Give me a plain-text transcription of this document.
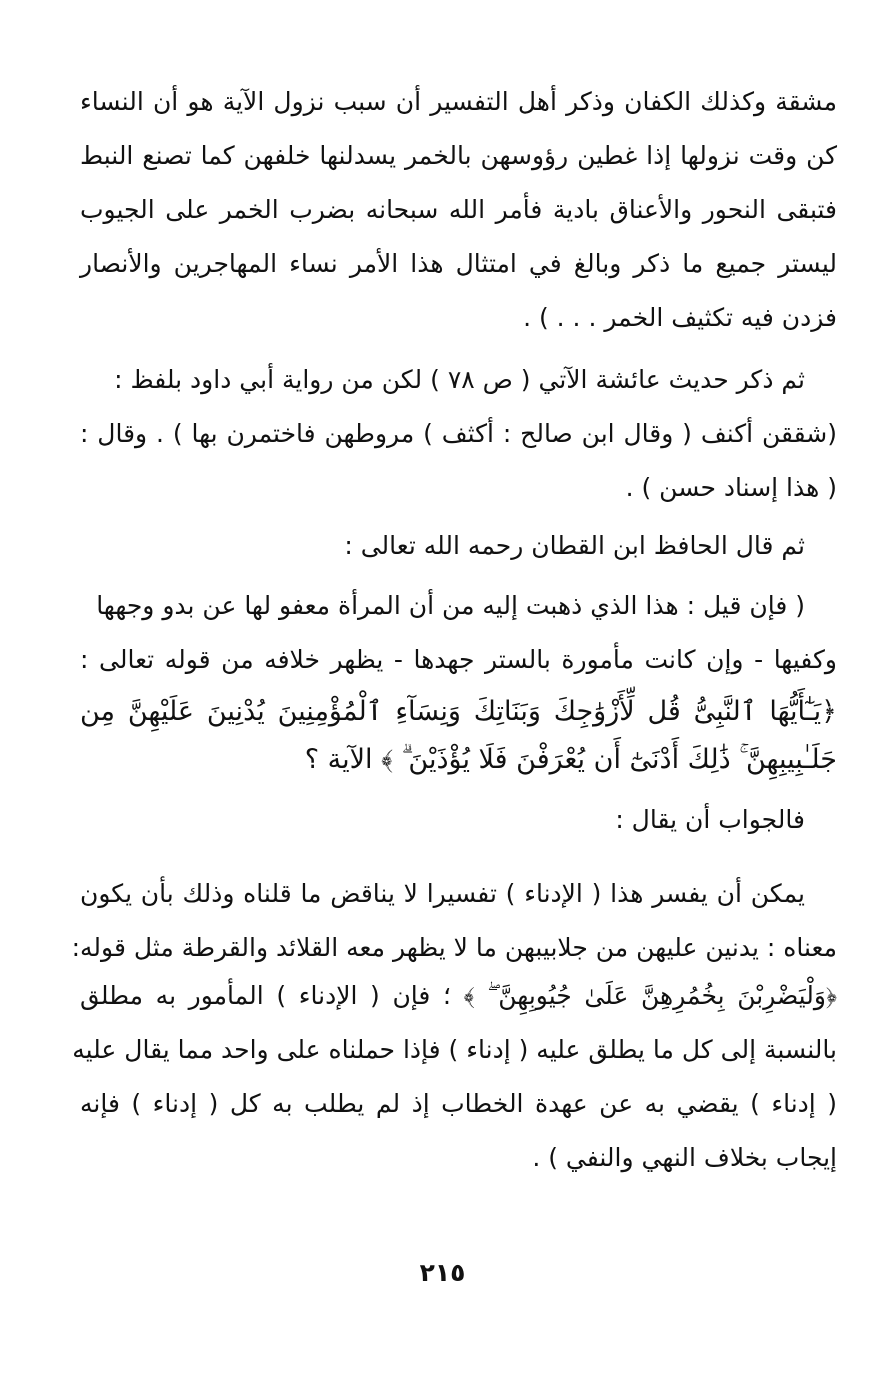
مشقة وكذلك الكفان وذكر أهل التفسير أن سبب نزول الآية هو أن النساء
كن وقت نزولها إذا غطين رؤوسهن بالخمر يسدلنها خلفهن كما تصنع النبط
فتبقى النحور والأعناق بادية فأمر الله سبحانه بضرب الخمر على الجيوب
ليستر جميع ما ذكر وبالغ في امتثال هذا الأمر نساء المهاجرين والأنصار
فزدن فيه تكثيف الخمر . . . ) .
ثم ذكر حديث عائشة الآتي ( ص ٧٨ ) لكن من رواية أبي داود بلفظ :
(شققن أكنف ( وقال ابن صالح : أكثف ) مروطهن فاختمرن بها ) . وقال :
( هذا إسناد حسن ) .
ثم قال الحافظ ابن القطان رحمه الله تعالى :
( فإن قيل : هذا الذي ذهبت إليه من أن المرأة معفو لها عن بدو وجهها
وكفيها - وإن كانت مأمورة بالستر جهدها - يظهر خلافه من قوله تعالى :
﴿يَـٰٓأَيُّهَا ٱلنَّبِىُّ قُل لِّأَزْوَٰجِكَ وَبَنَاتِكَ وَنِسَآءِ ٱلْمُؤْمِنِينَ يُدْنِينَ عَلَيْهِنَّ مِن
جَلَـٰبِيبِهِنَّ ۚ ذَٰلِكَ أَدْنَىٰٓ أَن يُعْرَفْنَ فَلَا يُؤْذَيْنَ ۗ ﴾ الآية ؟
فالجواب أن يقال :
يمكن أن يفسر هذا ( الإدناء ) تفسيرا لا يناقض ما قلناه وذلك بأن يكون
معناه : يدنين عليهن من جلابيبهن ما لا يظهر معه القلائد والقرطة مثل قوله:
﴿وَلْيَضْرِبْنَ بِخُمُرِهِنَّ عَلَىٰ جُيُوبِهِنَّ ۖ ﴾ ؛ فإن ( الإدناء ) المأمور به مطلق
بالنسبة إلى كل ما يطلق عليه ( إدناء ) فإذا حملناه على واحد مما يقال عليه
( إدناء ) يقضي به عن عهدة الخطاب إذ لم يطلب به كل ( إدناء ) فإنه
إيجاب بخلاف النهي والنفي ) .
٢١٥
